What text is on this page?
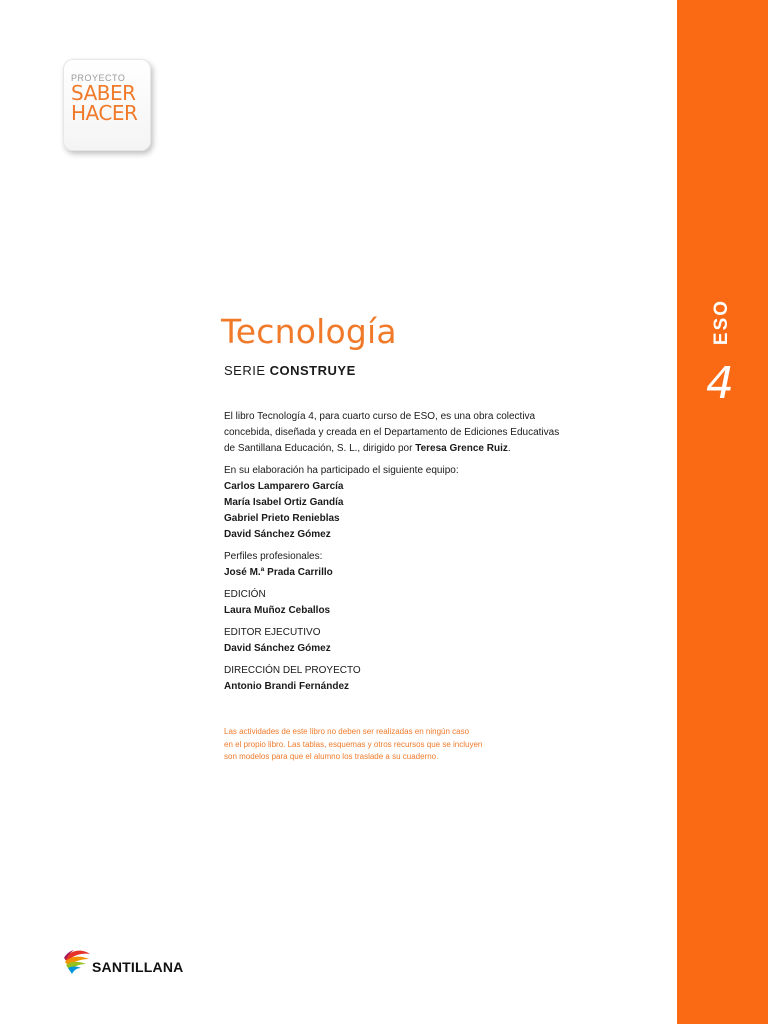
ESO
4
PROYECTO
SABER
HACER
Tecnología
SERIE CONSTRUYE
El libro Tecnología 4, para cuarto curso de ESO, es una obra colectiva
concebida, diseñada y creada en el Departamento de Ediciones Educativas
de Santillana Educación, S. L., dirigido por Teresa Grence Ruiz.
En su elaboración ha participado el siguiente equipo:
Carlos Lamparero García
María Isabel Ortiz Gandía
Gabriel Prieto Renieblas
David Sánchez Gómez
Perfiles profesionales:
José M.ª Prada Carrillo
EDICIÓN
Laura Muñoz Ceballos
EDITOR EJECUTIVO
David Sánchez Gómez
DIRECCIÓN DEL PROYECTO
Antonio Brandi Fernández
Las actividades de este libro no deben ser realizadas en ningún caso
en el propio libro. Las tablas, esquemas y otros recursos que se incluyen
son modelos para que el alumno los traslade a su cuaderno.
SANTILLANA
